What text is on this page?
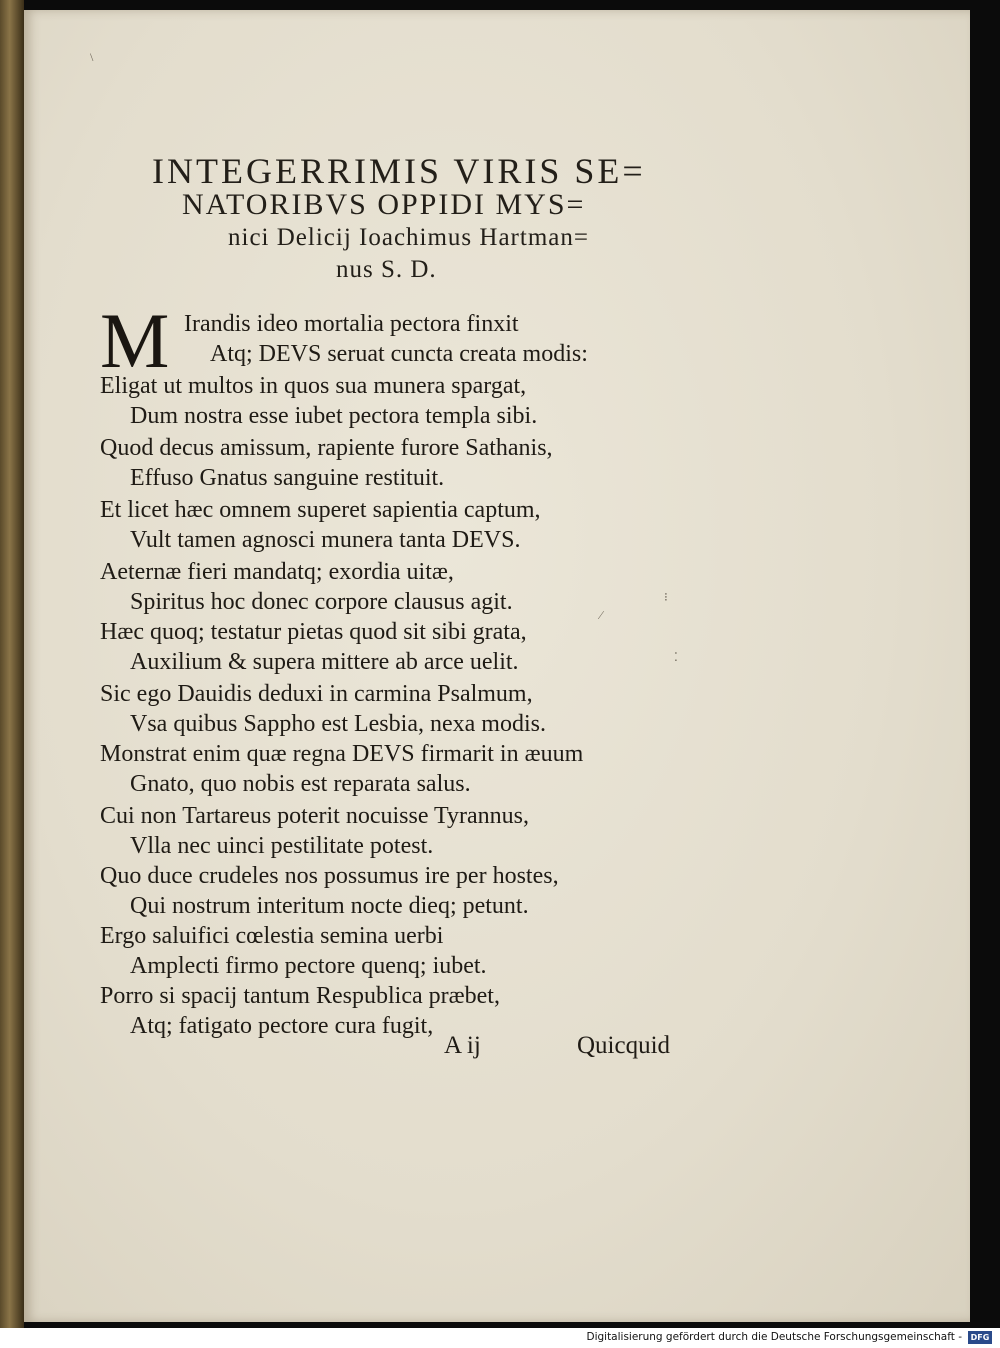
INTEGERRIMIS VIRIS SE=
NATORIBVS OPPIDI MYS=
nici Delicij Ioachimus Hartman=
nus S. D.
M Irandis ideo mortalia pectora finxit
Atq; DEVS seruat cuncta creata modis:
Eligat ut multos in quos sua munera spargat,
Dum nostra esse iubet pectora templa sibi.
Quod decus amissum, rapiente furore Sathanis,
Effuso Gnatus sanguine restituit.
Et licet hæc omnem superet sapientia captum,
Vult tamen agnosci munera tanta DEVS.
Aeternæ fieri mandatq; exordia uitæ,
Spiritus hoc donec corpore clausus agit.
Hæc quoq; testatur pietas quod sit sibi grata,
Auxilium & supera mittere ab arce uelit.
Sic ego Dauidis deduxi in carmina Psalmum,
Vsa quibus Sappho est Lesbia, nexa modis.
Monstrat enim quæ regna DEVS firmarit in æuum
Gnato, quo nobis est reparata salus.
Cui non Tartareus poterit nocuisse Tyrannus,
Vlla nec uinci pestilitate potest.
Quo duce crudeles nos possumus ire per hostes,
Qui nostrum interitum nocte dieq; petunt.
Ergo saluifici cœlestia semina uerbi
Amplecti firmo pectore quenq; iubet.
Porro si spacij tantum Respublica præbet,
Atq; fatigato pectore cura fugit,
A ij	Quicquid
\
⁝
∕
⁚
Digitalisierung gefördert durch die Deutsche Forschungsgemeinschaft -	DFG
